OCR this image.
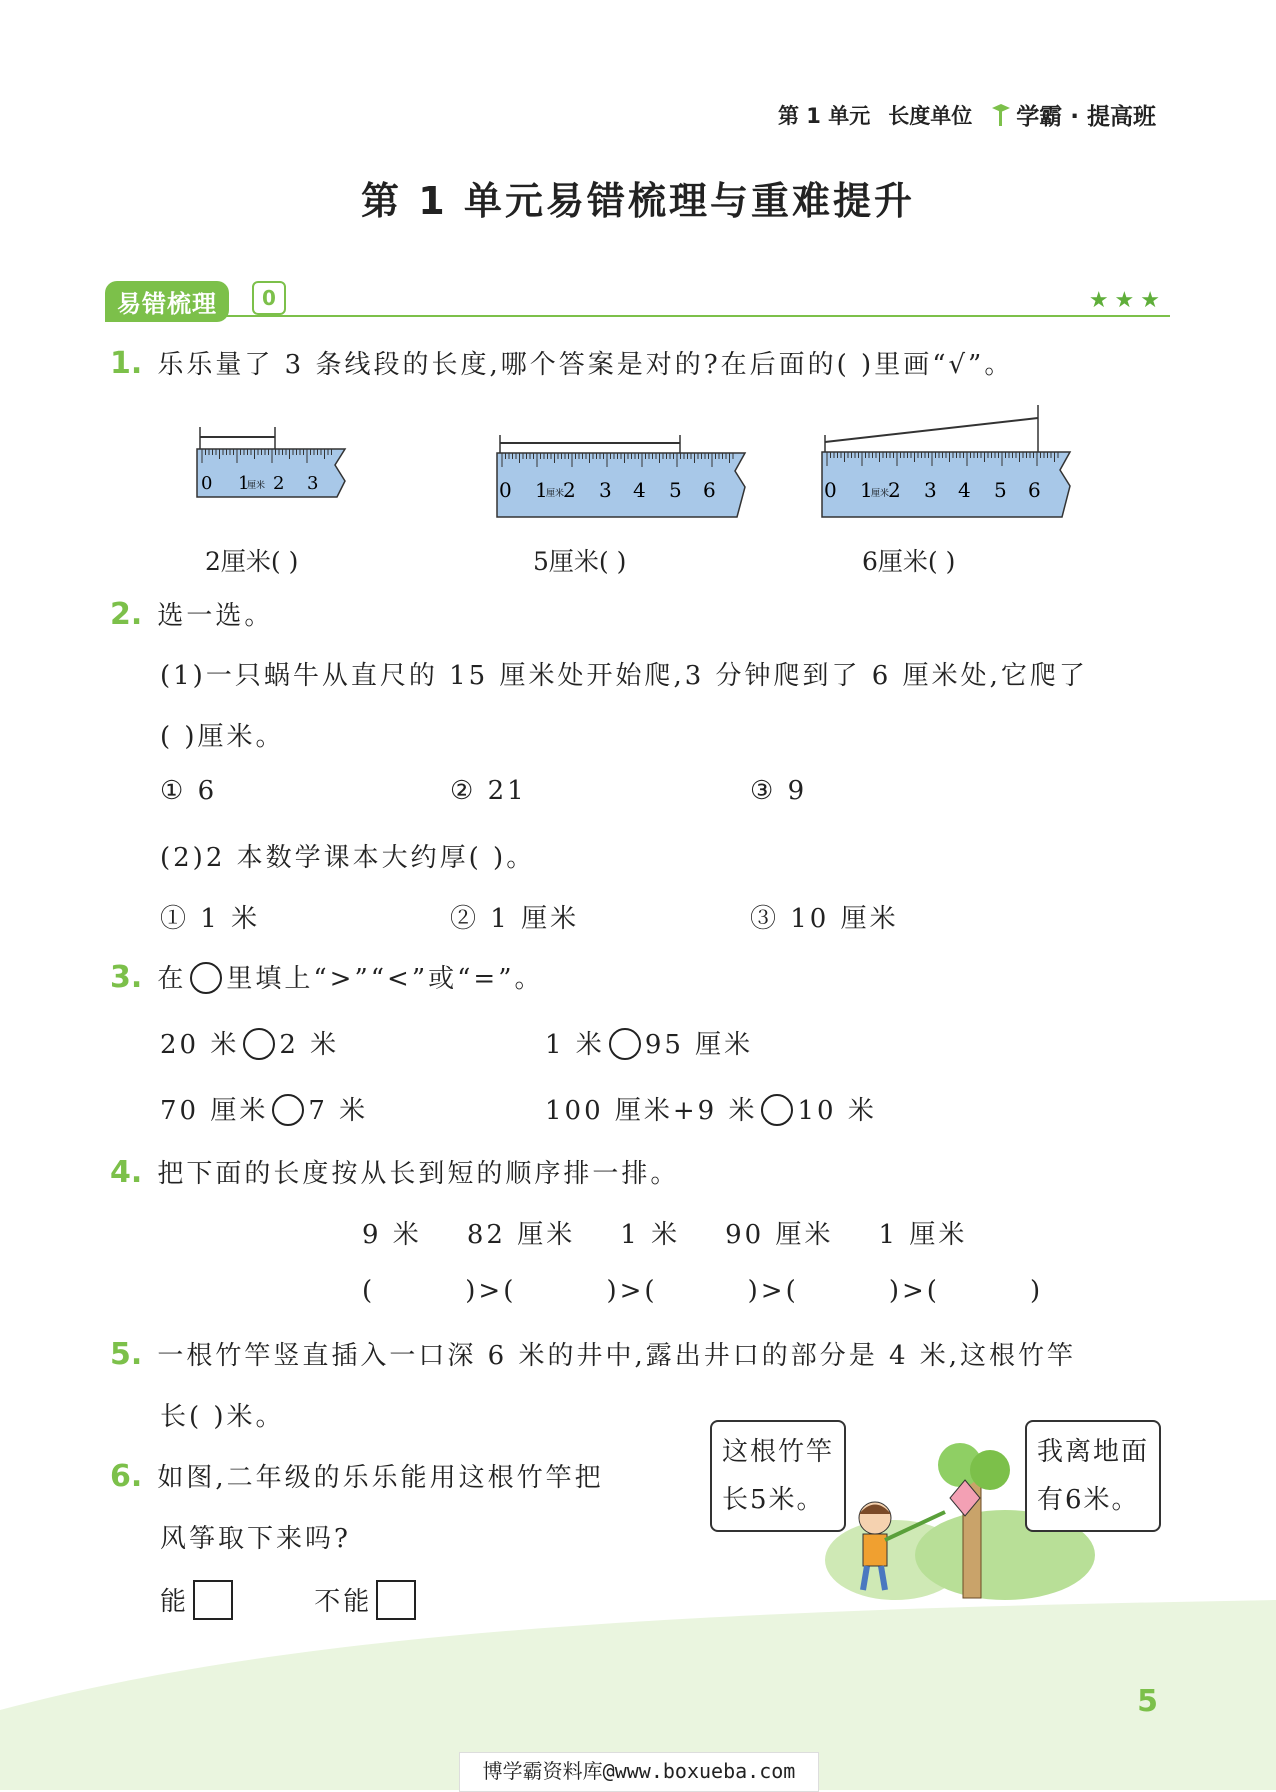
第 1 单元 长度单位 学霸 · 提高班
第 1 单元易错梳理与重难提升
易错梳理	0	★★★
1. 乐乐量了 3 条线段的长度,哪个答案是对的?在后面的( )里画“√”。
0 1
厘米 2 3	0 1
厘米
2 3 4 5 6	0 1
厘米
2 3 4 5 6
2厘米( )	5厘米( )	6厘米( )
2. 选一选。
(1)一只蜗牛从直尺的 15 厘米处开始爬,3 分钟爬到了 6 厘米处,它爬了
( )厘米。
① 6	② 21	③ 9
(2)2 本数学课本大约厚( )。
① 1 米	② 1 厘米	③ 10 厘米
3. 在 里填上“>”“<”或“=”。
20 米 2 米	1 米 95 厘米
70 厘米 7 米	100 厘米+9 米 10 米
4. 把下面的长度按从长到短的顺序排一排。
9 米    82 厘米    1 米    90 厘米    1 厘米
(        )>(        )>(        )>(        )>(        )
5. 一根竹竿竖直插入一口深 6 米的井中,露出井口的部分是 4 米,这根竹竿
长( )米。
6. 如图,二年级的乐乐能用这根竹竿把
风筝取下来吗?
能	不能
这根竹竿
长5米。
我离地面
有6米。
5
博学霸资料库@www.boxueba.com
